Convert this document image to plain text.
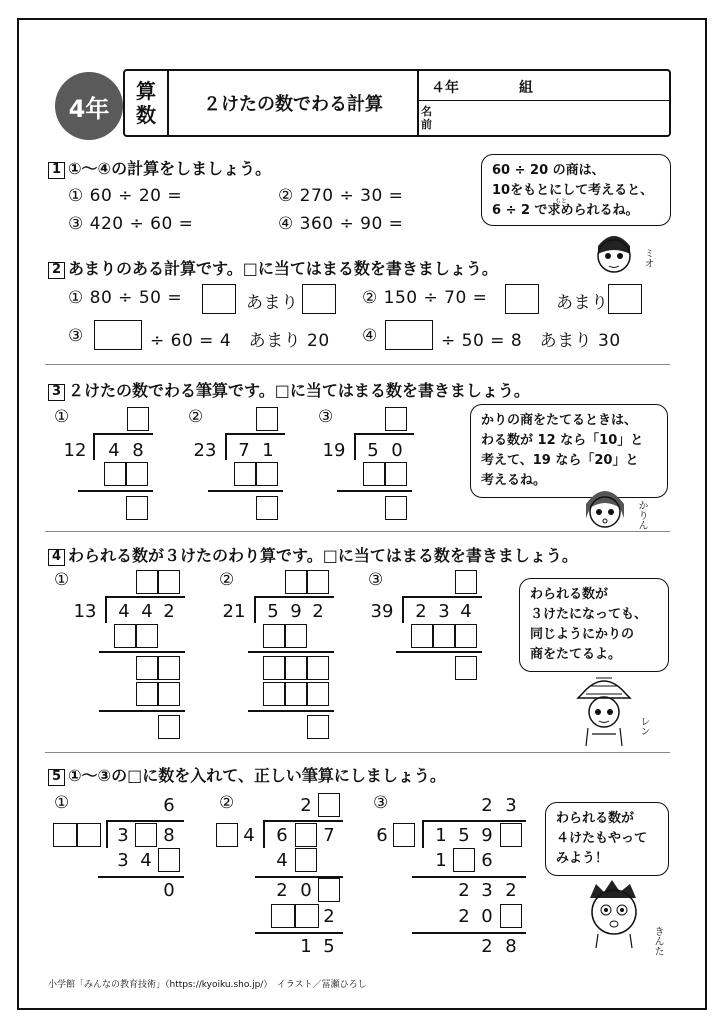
4年
算
数	２けたの数でわる計算
４年	組
名
前
1 ①～④の計算をしましょう。
① 60 ÷ 20 =	② 270 ÷ 30 =
③ 420 ÷ 60 =	④ 360 ÷ 90 =
60 ÷ 20 の商は、
10をもとにして考えると、
6 ÷ 2 で求められるね。
もと
ミオ
2 あまりのある計算です。□に当てはまる数を書きましょう。
① 80 ÷ 50 =	あまり	② 150 ÷ 70 =	あまり
③	÷ 60 = 4　あまり 20 ④	÷ 50 = 8　あまり 30
3 ２けたの数でわる筆算です。□に当てはまる数を書きましょう。
①
12 4 8
②
23 7 1
③
19 5 0
かりの商をたてるときは、
わる数が 12 なら「10」と
考えて、19 なら「20」と
考えるね。
かりん
4 わられる数が３けたのわり算です。□に当てはまる数を書きましょう。
①
13 4 4 2
②
21 5 9 2
③
39 2 3 4
わられる数が
３けたになっても、
同じようにかりの
商をたてるよ。
レン
5 ①～③の□に数を入れて、正しい筆算にしましょう。
①	6
3 8
3 4
0
②	2
4 6 7
4
2 0
2
1 5
③	2 3
6	1 5 9
1 6
2 3 2
2 0
2 8
わられる数が
４けたもやって
みよう！
きんた
小学館「みんなの教育技術」（https://kyoiku.sho.jp/）　イラスト／冨瀬ひろし
